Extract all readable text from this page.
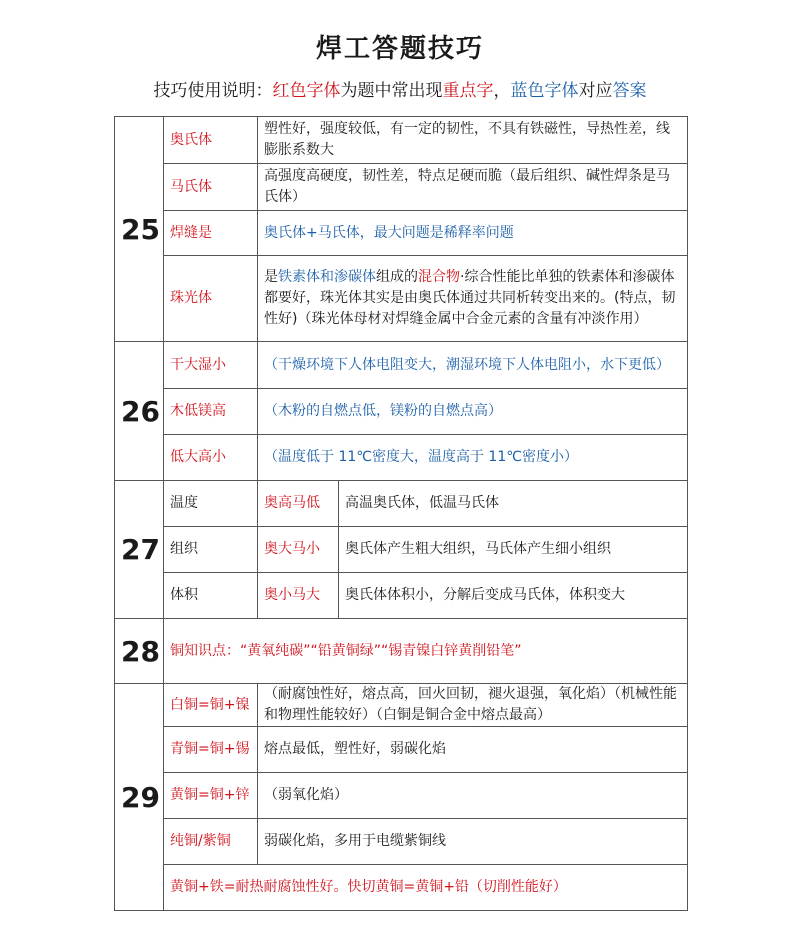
焊工答题技巧
技巧使用说明：红色字体为题中常出现重点字，蓝色字体对应答案
25	奥氏体	塑性好，强度较低，有一定的韧性，不具有铁磁性，导热性差，线膨胀系数大	
	马氏体	高强度高硬度，韧性差，特点足硬而脆（最后组织、碱性焊条是马氏体）	
	焊缝是	奥氏体+马氏体，最大问题是稀释率问题	
	珠光体	是铁素体和渗碳体组成的混合物·综合性能比单独的铁素体和渗碳体都要好，珠光体其实是由奥氏体通过共同析转变出来的。(特点，韧性好)（珠光体母材对焊缝金属中合金元素的含量有冲淡作用）	
26	干大湿小	（干燥环境下人体电阻变大，潮湿环境下人体电阻小，水下更低）	
	木低镁高	（木粉的自燃点低，镁粉的自燃点高）	
	低大高小	（温度低于 11℃密度大，温度高于 11℃密度小）	
27	温度	奥高马低	高温奥氏体，低温马氏体
	组织	奥大马小	奥氏体产生粗大组织，马氏体产生细小组织
	体积	奥小马大	奥氏体体积小，分解后变成马氏体，体积变大
28	铜知识点：“黄氧纯碳”“铅黄铜绿”“锡青镍白锌黄削铅笔”		
29	白铜=铜+镍	（耐腐蚀性好，熔点高，回火回韧，褪火退强，氧化焰）（机械性能和物理性能较好）（白铜是铜合金中熔点最高）	
	青铜=铜+锡	熔点最低，塑性好，弱碳化焰	
	黄铜=铜+锌	（弱氧化焰）	
	纯铜/紫铜	弱碳化焰，多用于电缆紫铜线	
	黄铜+铁=耐热耐腐蚀性好。快切黄铜=黄铜+铅（切削性能好）		
